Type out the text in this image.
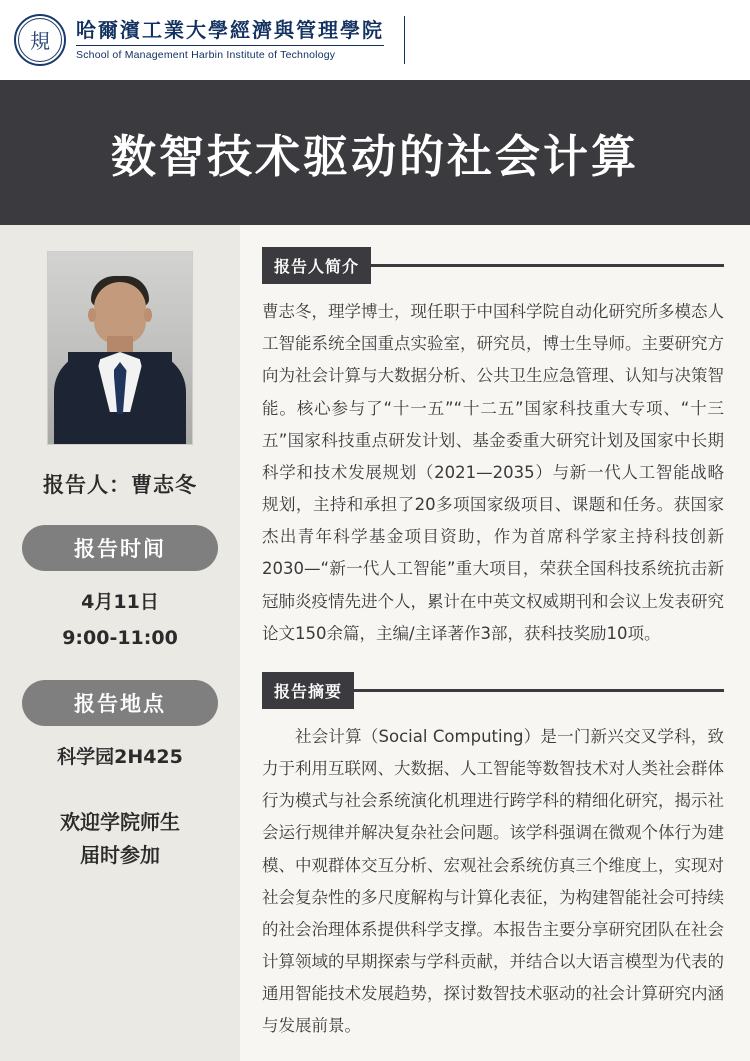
規 哈爾濱工業大學經濟與管理學院
School of Management Harbin Institute of Technology
数智技术驱动的社会计算
报告人：曹志冬
报告时间
4月11日
9:00-11:00
报告地点
科学园2H425
欢迎学院师生
届时参加
报告人简介
曹志冬，理学博士，现任职于中国科学院自动化研究所多模态人工智能系统全国重点实验室，研究员，博士生导师。主要研究方向为社会计算与大数据分析、公共卫生应急管理、认知与决策智能。核心参与了“十一五”“十二五”国家科技重大专项、“十三五”国家科技重点研发计划、基金委重大研究计划及国家中长期科学和技术发展规划（2021—2035）与新一代人工智能战略规划，主持和承担了20多项国家级项目、课题和任务。获国家杰出青年科学基金项目资助，作为首席科学家主持科技创新2030—“新一代人工智能”重大项目，荣获全国科技系统抗击新冠肺炎疫情先进个人，累计在中英文权威期刊和会议上发表研究论文150余篇，主编/主译著作3部，获科技奖励10项。
报告摘要
社会计算（Social Computing）是一门新兴交叉学科，致力于利用互联网、大数据、人工智能等数智技术对人类社会群体行为模式与社会系统演化机理进行跨学科的精细化研究，揭示社会运行规律并解决复杂社会问题。该学科强调在微观个体行为建模、中观群体交互分析、宏观社会系统仿真三个维度上，实现对社会复杂性的多尺度解构与计算化表征，为构建智能社会可持续的社会治理体系提供科学支撑。本报告主要分享研究团队在社会计算领域的早期探索与学科贡献，并结合以大语言模型为代表的通用智能技术发展趋势，探讨数智技术驱动的社会计算研究内涵与发展前景。
